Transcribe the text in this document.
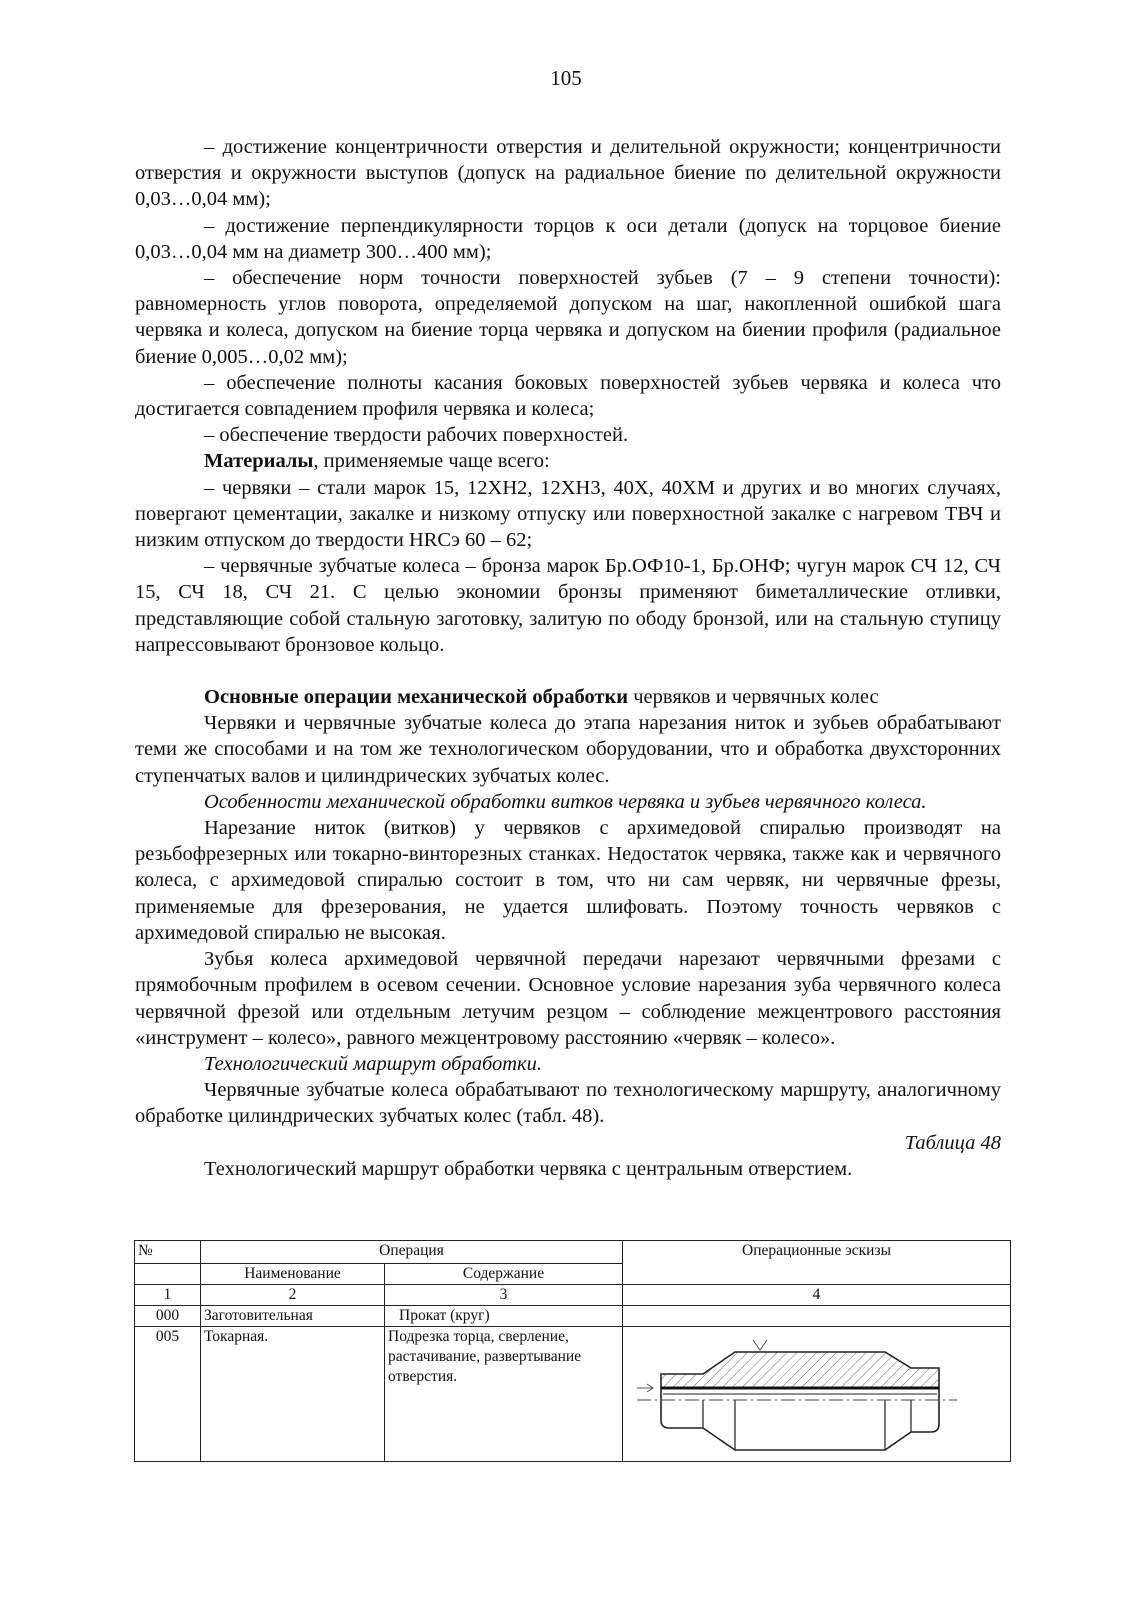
105

– достижение концентричности отверстия и делительной окружности; концентричности отверстия и окружности выступов (допуск на радиальное биение по делительной окружности 0,03…0,04 мм);

– достижение перпендикулярности торцов к оси детали (допуск на торцовое биение 0,03…0,04 мм на диаметр 300…400 мм);

– обеспечение норм точности поверхностей зубьев (7 – 9 степени точности): равномерность углов поворота, определяемой допуском на шаг, накопленной ошибкой шага червяка и колеса, допуском на биение торца червяка и допуском на биении профиля (радиальное биение 0,005…0,02 мм);

– обеспечение полноты касания боковых поверхностей зубьев червяка и колеса что достигается совпадением профиля червяка и колеса;

– обеспечение твердости рабочих поверхностей.

Материалы, применяемые чаще всего:

– червяки – стали марок 15, 12ХН2, 12ХН3, 40Х, 40ХМ и других и во многих случаях, повергают цементации, закалке и низкому отпуску или поверхностной закалке с нагревом ТВЧ и низким отпуском до твердости HRCэ 60 – 62;

– червячные зубчатые колеса – бронза марок Бр.ОФ10-1, Бр.ОНФ; чугун марок СЧ 12, СЧ 15, СЧ 18, СЧ 21. С целью экономии бронзы применяют биметаллические отливки, представляющие собой стальную заготовку, залитую по ободу бронзой, или на стальную ступицу напрессовывают бронзовое кольцо.

Основные операции механической обработки червяков и червячных колес

Червяки и червячные зубчатые колеса до этапа нарезания ниток и зубьев обрабатывают теми же способами и на том же технологическом оборудовании, что и обработка двухсторонних ступенчатых валов и цилиндрических зубчатых колес.

Особенности механической обработки витков червяка и зубьев червячного колеса.

Нарезание ниток (витков) у червяков с архимедовой спиралью производят на резьбофрезерных или токарно-винторезных станках. Недостаток червяка, также как и червячного колеса, с архимедовой спиралью состоит в том, что ни сам червяк, ни червячные фрезы, применяемые для фрезерования, не удается шлифовать. Поэтому точность червяков с архимедовой спиралью не высокая.

Зубья колеса архимедовой червячной передачи нарезают червячными фрезами с прямобочным профилем в осевом сечении. Основное условие нарезания зуба червячного колеса червячной фрезой или отдельным летучим резцом – соблюдение межцентрового расстояния «инструмент – колесо», равного межцентровому расстоянию «червяк – колесо».

Технологический маршрут обработки.

Червячные зубчатые колеса обрабатывают по технологическому маршруту, аналогичному обработке цилиндрических зубчатых колес (табл. 48).

Таблица 48

Технологический маршрут обработки червяка с центральным отверстием.

№	Операция		Операционные эскизы
	Наименование	Содержание	
1	2	3	4
000	Заготовительная	Прокат (круг)	
005	Токарная.	Подрезка торца, сверление, растачивание, развертывание отверстия.	
